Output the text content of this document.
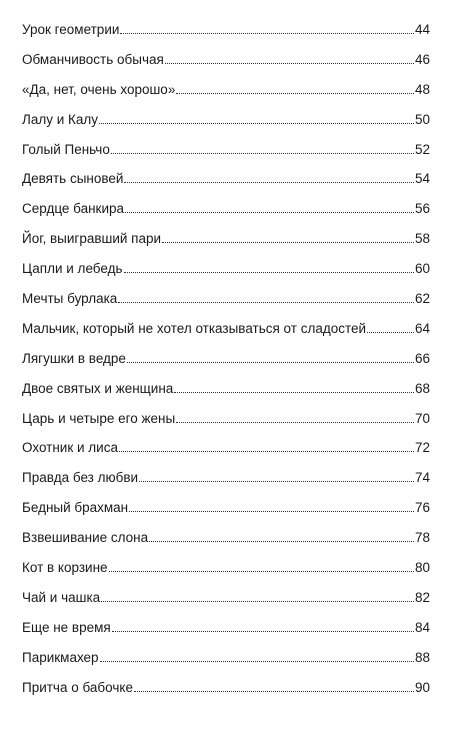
Урок геометрии	44
Обманчивость обычая	46
«Да, нет, очень хорошо»	48
Лалу и Калу	50
Голый Пеньчо	52
Девять сыновей	54
Сердце банкира	56
Йог, выигравший пари	58
Цапли и лебедь	60
Мечты бурлака	62
Мальчик, который не хотел отказываться от сладостей	64
Лягушки в ведре	66
Двое святых и женщина	68
Царь и четыре его жены	70
Охотник и лиса	72
Правда без любви	74
Бедный брахман	76
Взвешивание слона	78
Кот в корзине	80
Чай и чашка	82
Еще не время	84
Парикмахер	88
Притча о бабочке	90
